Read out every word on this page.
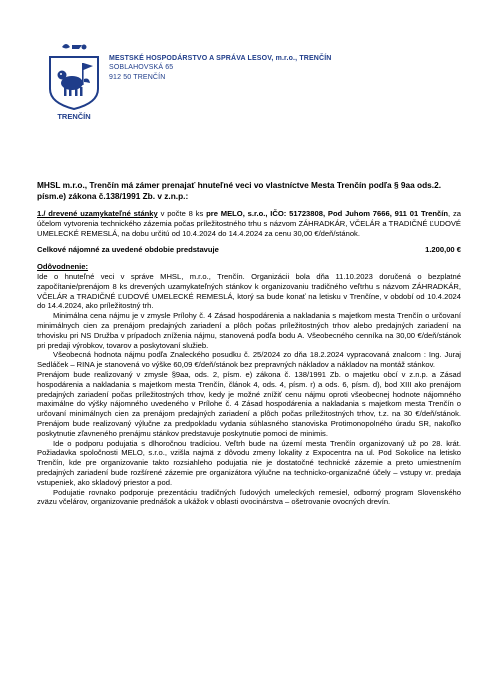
TRENČÍN
MESTSKÉ HOSPODÁRSTVO A SPRÁVA LESOV, m.r.o., TRENČÍN
SOBLAHOVSKÁ 65
912 50 TRENČÍN

MHSL m.r.o., Trenčín má zámer prenajať hnuteľné veci vo vlastníctve Mesta Trenčín podľa § 9aa ods.2. písm.e) zákona č.138/1991 Zb. v z.n.p.:

1./ drevené uzamykateľné stánky v počte 8 ks pre MELO, s.r.o., IČO: 51723808, Pod Juhom 7666, 911 01 Trenčín, za účelom vytvorenia technického zázemia počas príležitostného trhu s názvom ZÁHRADKÁR, VČELÁR a TRADIČNÉ ĽUDOVÉ UMELECKÉ REMESLÁ, na dobu určitú od 10.4.2024 do 14.4.2024 za cenu 30,00 €/deň/stánok.

Celkové nájomné za uvedené obdobie predstavuje	1.200,00 €

Odôvodnenie:

Ide o hnuteľné veci v správe MHSL, m.r.o., Trenčín. Organizácii bola dňa 11.10.2023 doručená o bezplatné započítanie/prenájom 8 ks drevených uzamykateľných stánkov k organizovaniu tradičného veľtrhu s názvom ZÁHRADKÁR, VČELÁR a TRADIČNÉ ĽUDOVÉ UMELECKÉ REMESLÁ, ktorý sa bude konať na letisku v Trenčíne, v období od 10.4.2024 do 14.4.2024, ako príležitostný trh.

Minimálna cena nájmu je v zmysle Prílohy č. 4 Zásad hospodárenia a nakladania s majetkom mesta Trenčín o určovaní minimálnych cien za prenájom predajných zariadení a plôch počas príležitostných trhov alebo predajných zariadení na trhovisku pri NS Družba v prípadoch zníženia nájmu, stanovená podľa bodu A. Všeobecného cenníka na 30,00 €/deň/stánok pri predaji výrobkov, tovarov a poskytovaní služieb.

Všeobecná hodnota nájmu podľa Znaleckého posudku č. 25/2024 zo dňa 18.2.2024 vypracovaná znalcom : Ing. Juraj Sedláček – RINA je stanovená vo výške 60,09 €/deň/stánok bez prepravných nákladov a nákladov na montáž stánkov.

Prenájom bude realizovaný v zmysle §9aa, ods. 2, písm. e) zákona č. 138/1991 Zb. o majetku obcí v z.n.p. a Zásad hospodárenia a nakladania s majetkom mesta Trenčín, článok 4, ods. 4, písm. r) a ods. 6, písm. d), bod XIII ako prenájom predajných zariadení počas príležitostných trhov, kedy je možné znížiť cenu nájmu oproti všeobecnej hodnote nájomného maximálne do výšky nájomného uvedeného v Prílohe č. 4 Zásad hospodárenia a nakladania s majetkom mesta Trenčín o určovaní minimálnych cien za prenájom predajných zariadení a plôch počas príležitostných trhov, t.z. na 30 €/deň/stánok. Prenájom bude realizovaný výlučne za predpokladu vydania súhlasného stanoviska Protimonopolného úradu SR, nakoľko poskytnutie zľavneného prenájmu stánkov predstavuje poskytnutie pomoci de minimis.

Ide o podporu podujatia s dlhoročnou tradíciou. Veľtrh bude na území mesta Trenčín organizovaný už po 28. krát. Požiadavka spoločnosti MELO, s.r.o., vzišla najmä z dôvodu zmeny lokality z Expocentra na ul. Pod Sokolice na letisko Trenčín, kde pre organizovanie takto rozsiahleho podujatia nie je dostatočné technické zázemie a preto umiestnením predajných zariadení bude rozšírené zázemie pre organizátora výlučne na technicko-organizačné účely – vstupy vr. predaja vstupeniek, ako skladový priestor a pod.

Podujatie rovnako podporuje prezentáciu tradičných ľudových umeleckých remesiel, odborný program Slovenského zväzu včelárov, organizovanie prednášok a ukážok v oblasti ovocinárstva – ošetrovanie ovocných drevín.
